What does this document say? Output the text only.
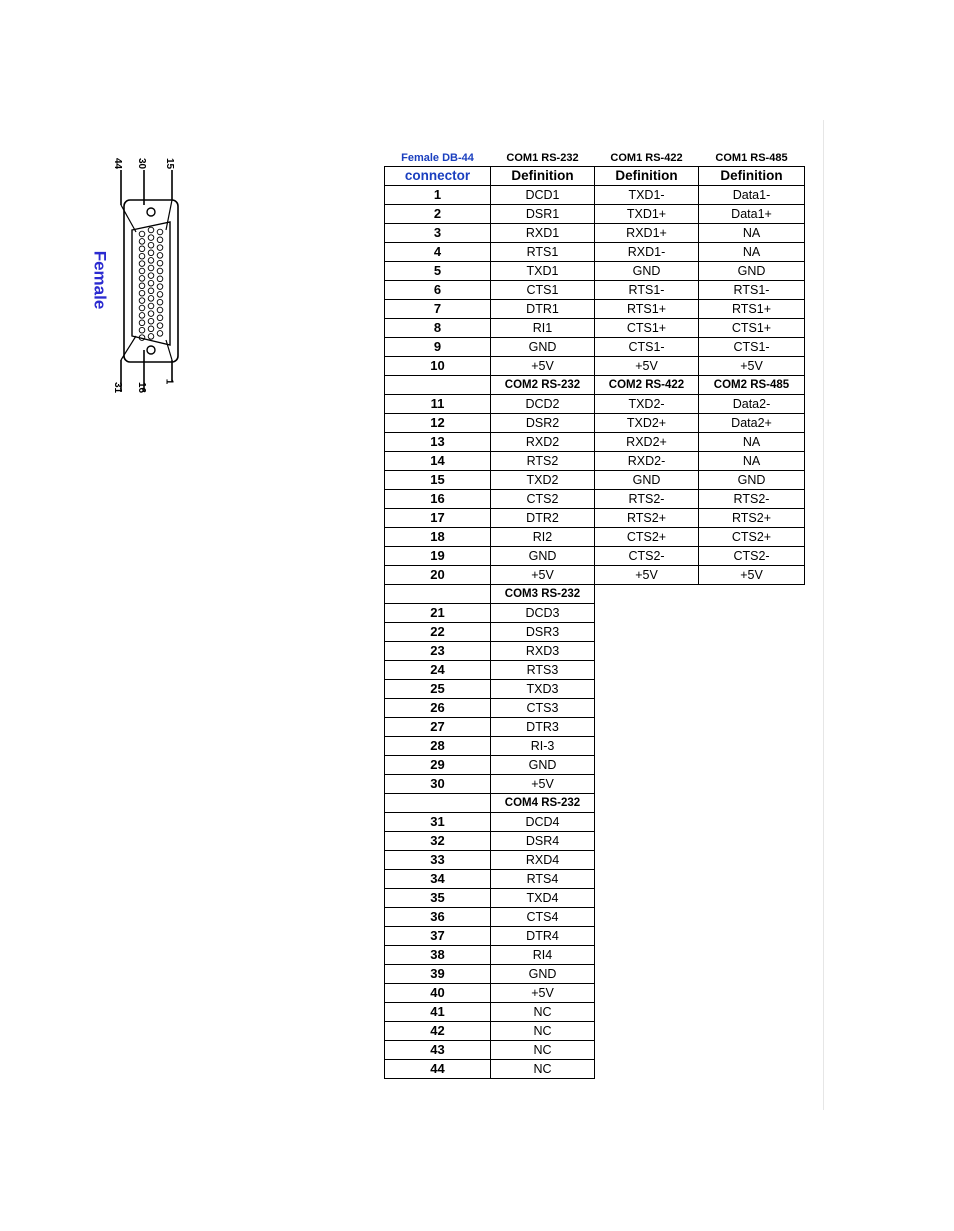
44 30 15
31 16
1
Female
Female DB-44	COM1 RS-232	COM1 RS-422	COM1 RS-485
connector	Definition	Definition	Definition
1	DCD1	TXD1-	Data1-
2	DSR1	TXD1+	Data1+
3	RXD1	RXD1+	NA
4	RTS1	RXD1-	NA
5	TXD1	GND	GND
6	CTS1	RTS1-	RTS1-
7	DTR1	RTS1+	RTS1+
8	RI1	CTS1+	CTS1+
9	GND	CTS1-	CTS1-
10	+5V	+5V	+5V
	COM2 RS-232	COM2 RS-422	COM2 RS-485
11	DCD2	TXD2-	Data2-
12	DSR2	TXD2+	Data2+
13	RXD2	RXD2+	NA
14	RTS2	RXD2-	NA
15	TXD2	GND	GND
16	CTS2	RTS2-	RTS2-
17	DTR2	RTS2+	RTS2+
18	RI2	CTS2+	CTS2+
19	GND	CTS2-	CTS2-
20	+5V	+5V	+5V
	COM3 RS-232		
21	DCD3		
22	DSR3		
23	RXD3		
24	RTS3		
25	TXD3		
26	CTS3		
27	DTR3		
28	RI-3		
29	GND		
30	+5V		
	COM4 RS-232		
31	DCD4		
32	DSR4		
33	RXD4		
34	RTS4		
35	TXD4		
36	CTS4		
37	DTR4		
38	RI4		
39	GND		
40	+5V		
41	NC		
42	NC		
43	NC		
44	NC		
